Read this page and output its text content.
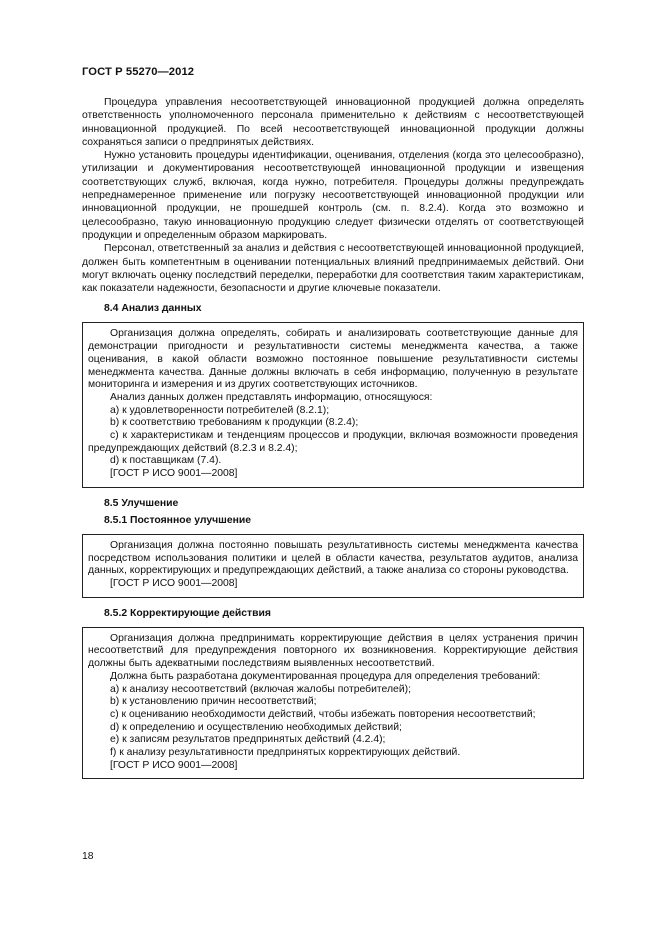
ГОСТ Р 55270—2012

Процедура управления несоответствующей инновационной продукцией должна определять ответственность уполномоченного персонала применительно к действиям с несоответствующей инновационной продукцией. По всей несоответствующей инновационной продукции должны сохраняться записи о предпринятых действиях.

Нужно установить процедуры идентификации, оценивания, отделения (когда это целесообразно), утилизации и документирования несоответствующей инновационной продукции и извещения соответствующих служб, включая, когда нужно, потребителя. Процедуры должны предупреждать непреднамеренное применение или погрузку несоответствующей инновационной продукции или инновационной продукции, не прошедшей контроль (см. п. 8.2.4). Когда это возможно и целесообразно, такую инновационную продукцию следует физически отделять от соответствующей продукции и определенным образом маркировать.

Персонал, ответственный за анализ и действия с несоответствующей инновационной продукцией, должен быть компетентным в оценивании потенциальных влияний предпринимаемых действий. Они могут включать оценку последствий переделки, переработки для соответствия таким характеристикам, как показатели надежности, безопасности и другие ключевые показатели.

8.4 Анализ данных

Организация должна определять, собирать и анализировать соответствующие данные для демонстрации пригодности и результативности системы менеджмента качества, а также оценивания, в какой области возможно постоянное повышение результативности системы менеджмента качества. Данные должны включать в себя информацию, полученную в результате мониторинга и измерения и из других соответствующих источников.

Анализ данных должен представлять информацию, относящуюся:

a) к удовлетворенности потребителей (8.2.1);

b) к соответствию требованиям к продукции (8.2.4);

c) к характеристикам и тенденциям процессов и продукции, включая возможности проведения предупреждающих действий (8.2.3 и 8.2.4);

d) к поставщикам (7.4).

[ГОСТ Р ИСО 9001—2008]

8.5 Улучшение
8.5.1 Постоянное улучшение

Организация должна постоянно повышать результативность системы менеджмента качества посредством использования политики и целей в области качества, результатов аудитов, анализа данных, корректирующих и предупреждающих действий, а также анализа со стороны руководства.

[ГОСТ Р ИСО 9001—2008]

8.5.2 Корректирующие действия

Организация должна предпринимать корректирующие действия в целях устранения причин несоответствий для предупреждения повторного их возникновения. Корректирующие действия должны быть адекватными последствиям выявленных несоответствий.

Должна быть разработана документированная процедура для определения требований:

a) к анализу несоответствий (включая жалобы потребителей);

b) к установлению причин несоответствий;

c) к оцениванию необходимости действий, чтобы избежать повторения несоответствий;

d) к определению и осуществлению необходимых действий;

e) к записям результатов предпринятых действий (4.2.4);

f) к анализу результативности предпринятых корректирующих действий.

[ГОСТ Р ИСО 9001—2008]

18
